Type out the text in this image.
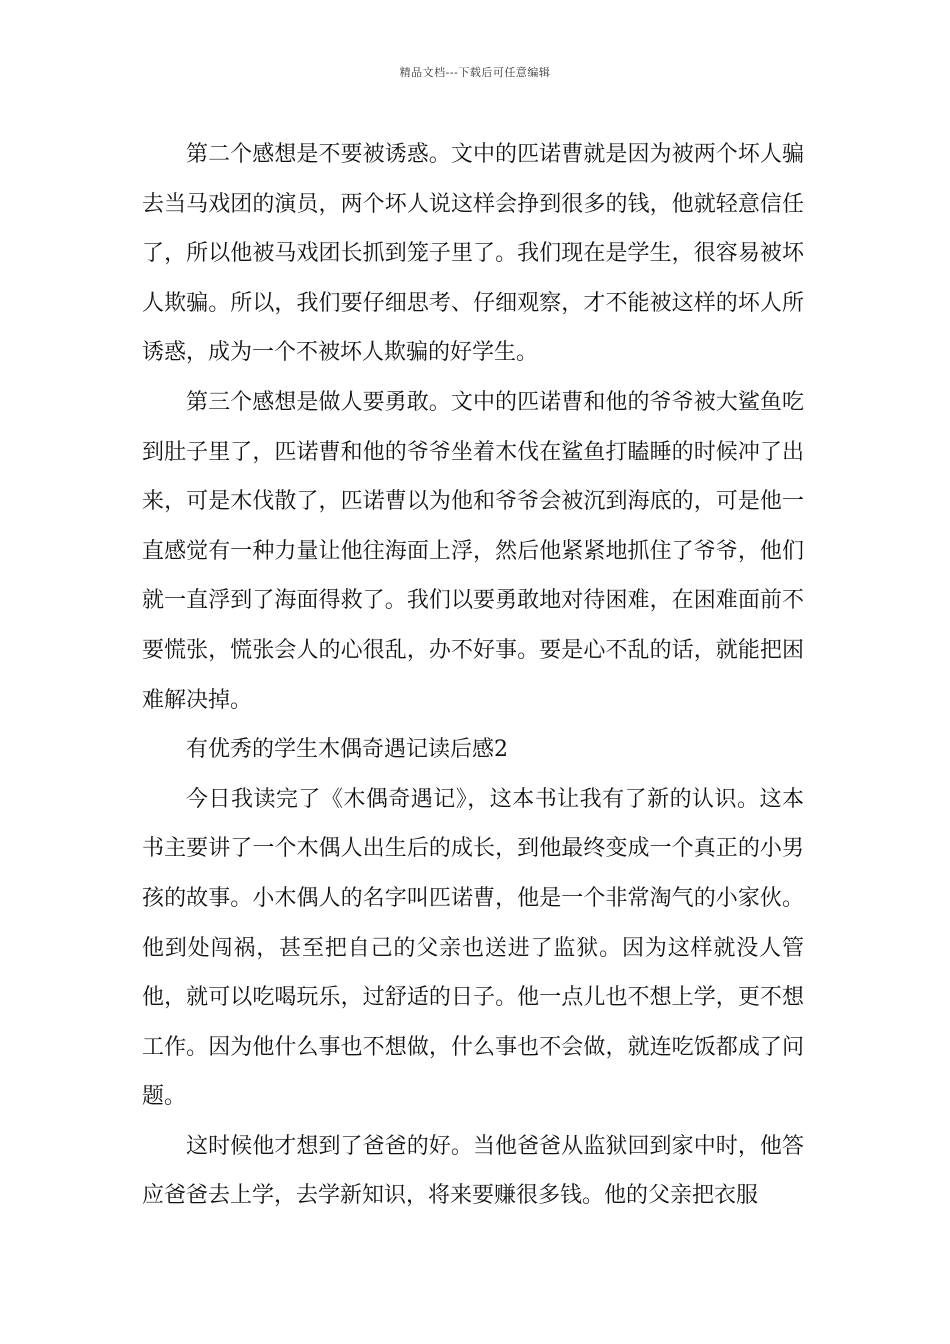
精品文档---下载后可任意编辑

第二个感想是不要被诱惑。文中的匹诺曹就是因为被两个坏人骗去当马戏团的演员，两个坏人说这样会挣到很多的钱，他就轻意信任了，所以他被马戏团长抓到笼子里了。我们现在是学生，很容易被坏人欺骗。所以，我们要仔细思考、仔细观察，才不能被这样的坏人所诱惑，成为一个不被坏人欺骗的好学生。

第三个感想是做人要勇敢。文中的匹诺曹和他的爷爷被大鲨鱼吃到肚子里了，匹诺曹和他的爷爷坐着木伐在鲨鱼打瞌睡的时候冲了出来，可是木伐散了，匹诺曹以为他和爷爷会被沉到海底的，可是他一直感觉有一种力量让他往海面上浮，然后他紧紧地抓住了爷爷，他们就一直浮到了海面得救了。我们以要勇敢地对待困难，在困难面前不要慌张，慌张会人的心很乱，办不好事。要是心不乱的话，就能把困难解决掉。

有优秀的学生木偶奇遇记读后感2

今日我读完了《木偶奇遇记》，这本书让我有了新的认识。这本书主要讲了一个木偶人出生后的成长，到他最终变成一个真正的小男孩的故事。小木偶人的名字叫匹诺曹，他是一个非常淘气的小家伙。他到处闯祸，甚至把自己的父亲也送进了监狱。因为这样就没人管他，就可以吃喝玩乐，过舒适的日子。他一点儿也不想上学，更不想工作。因为他什么事也不想做，什么事也不会做，就连吃饭都成了问题。

这时候他才想到了爸爸的好。当他爸爸从监狱回到家中时，他答应爸爸去上学，去学新知识，将来要赚很多钱。他的父亲把衣服
